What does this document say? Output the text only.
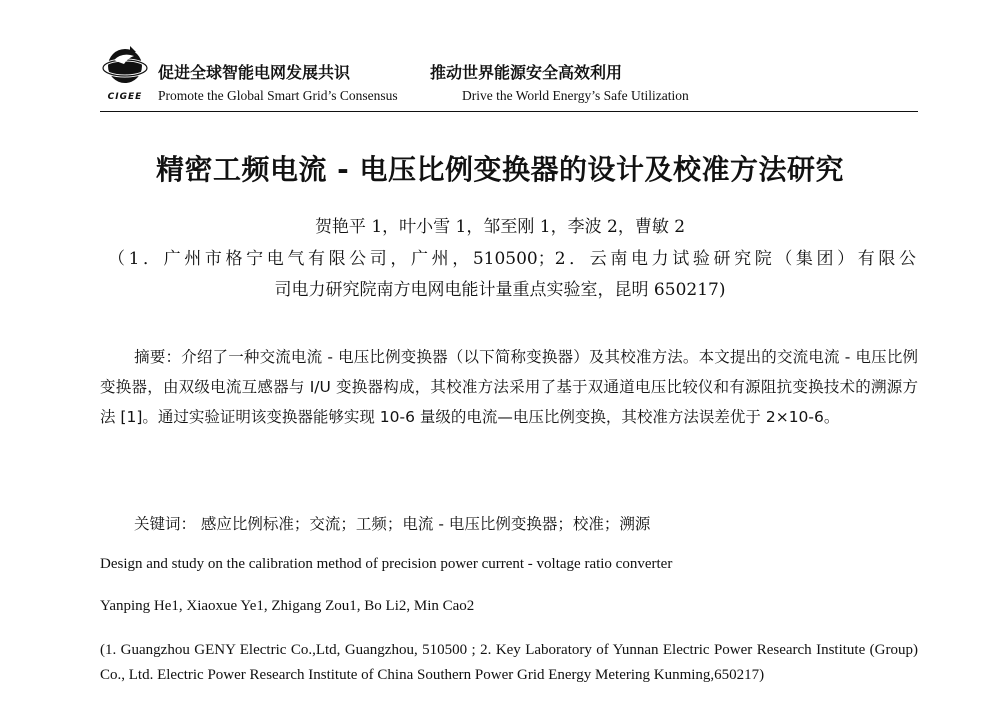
CIGEE
促进全球智能电网发展共识	推动世界能源安全高效利用
Promote the Global Smart Grid’s Consensus	Drive the World Energy’s Safe Utilization
精密工频电流 - 电压比例变换器的设计及校准方法研究
贺艳平 1，叶小雪 1，邹至刚 1，李波 2，曹敏 2
（1．广州市格宁电气有限公司，广州，510500；2．云南电力试验研究院（集团）有限公
司电力研究院南方电网电能计量重点实验室，昆明 650217)
摘要：介绍了一种交流电流 - 电压比例变换器（以下简称变换器）及其校准方法。本文提出的交流电流 - 电压比例变换器，由双级电流互感器与 I/U 变换器构成，其校准方法采用了基于双通道电压比较仪和有源阻抗变换技术的溯源方法 [1]。通过实验证明该变换器能够实现 10-6 量级的电流—电压比例变换，其校准方法误差优于 2×10-6。
关键词： 感应比例标准；交流；工频；电流 - 电压比例变换器；校准；溯源
Design and study on the calibration method of precision power current - voltage ratio converter
Yanping He1, Xiaoxue Ye1, Zhigang Zou1, Bo Li2, Min Cao2
(1. Guangzhou GENY Electric Co.,Ltd, Guangzhou, 510500 ; 2. Key Laboratory of Yunnan Electric Power Research Institute (Group) Co., Ltd. Electric Power Research Institute of China Southern Power Grid Energy Metering Kunming,650217)
